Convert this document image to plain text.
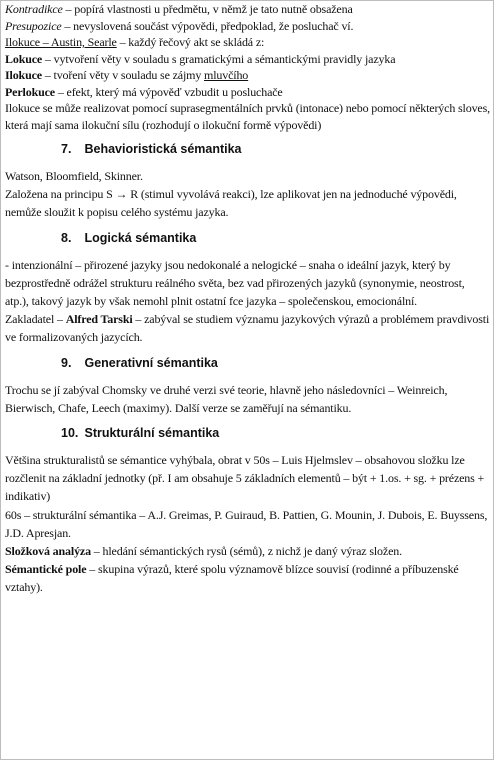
Kontradikce – popírá vlastnosti u předmětu, v němž je tato nutně obsažena

Presupozice – nevyslovená součást výpovědi, předpoklad, že posluchač ví.

Ilokuce – Austin, Searle – každý řečový akt se skládá z:

Lokuce – vytvoření věty v souladu s gramatickými a sémantickými pravidly jazyka

Ilokuce – tvoření věty v souladu se zájmy mluvčího

Perlokuce – efekt, který má výpověď vzbudit u posluchače

Ilokuce se může realizovat pomocí suprasegmentálních prvků (intonace) nebo pomocí některých sloves, která mají sama ilokuční sílu (rozhodují o ilokuční formě výpovědi)

7. Behavioristická sémantika

Watson, Bloomfield, Skinner.

Založena na principu S → R (stimul vyvolává reakci), lze aplikovat jen na jednoduché výpovědi, nemůže sloužit k popisu celého systému jazyka.

8. Logická sémantika

- intenzionální – přirozené jazyky jsou nedokonalé a nelogické – snaha o ideální jazyk, který by bezprostředně odrážel strukturu reálného světa, bez vad přirozených jazyků (synonymie, neostrost, atp.), takový jazyk by však nemohl plnit ostatní fce jazyka – společenskou, emocionální.

Zakladatel – Alfred Tarski – zabýval se studiem významu jazykových výrazů a problémem pravdivosti ve formalizovaných jazycích.

9. Generativní sémantika

Trochu se jí zabýval Chomsky ve druhé verzi své teorie, hlavně jeho následovníci – Weinreich, Bierwisch, Chafe, Leech (maximy). Další verze se zaměřují na sémantiku.

10. Strukturální sémantika

Většina strukturalistů se sémantice vyhýbala, obrat v 50s – Luis Hjelmslev – obsahovou složku lze rozčlenit na základní jednotky (př. I am obsahuje 5 základních elementů – být + 1.os. + sg. + prézens + indikativ)

60s – strukturální sémantika – A.J. Greimas, P. Guiraud, B. Pattien, G. Mounin, J. Dubois, E. Buyssens, J.D. Apresjan.

Složková analýza – hledání sémantických rysů (sémů), z nichž je daný výraz složen.

Sémantické pole – skupina výrazů, které spolu významově blízce souvisí (rodinné a příbuzenské vztahy).
